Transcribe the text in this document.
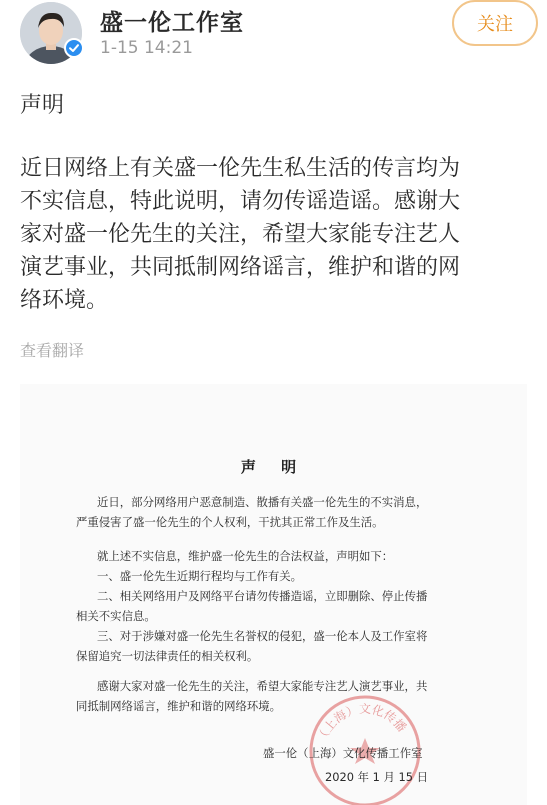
盛一伦工作室
1-15 14:21
关注
声明
近日网络上有关盛一伦先生私生活的传言均为
不实信息，特此说明，请勿传谣造谣。感谢大
家对盛一伦先生的关注，希望大家能专注艺人
演艺事业，共同抵制网络谣言，维护和谐的网
络环境。
查看翻译
声 明
近日，部分网络用户恶意制造、散播有关盛一伦先生的不实消息，
严重侵害了盛一伦先生的个人权利，干扰其正常工作及生活。
就上述不实信息，维护盛一伦先生的合法权益，声明如下：
一、盛一伦先生近期行程均与工作有关。
二、相关网络用户及网络平台请勿传播造谣，立即删除、停止传播
相关不实信息。
三、对于涉嫌对盛一伦先生名誉权的侵犯，盛一伦本人及工作室将
保留追究一切法律责任的相关权利。
感谢大家对盛一伦先生的关注，希望大家能专注艺人演艺事业，共
同抵制网络谣言，维护和谐的网络环境。
（上海）文化传播
盛一伦（上海）文化传播工作室
2020 年 1 月 15 日
